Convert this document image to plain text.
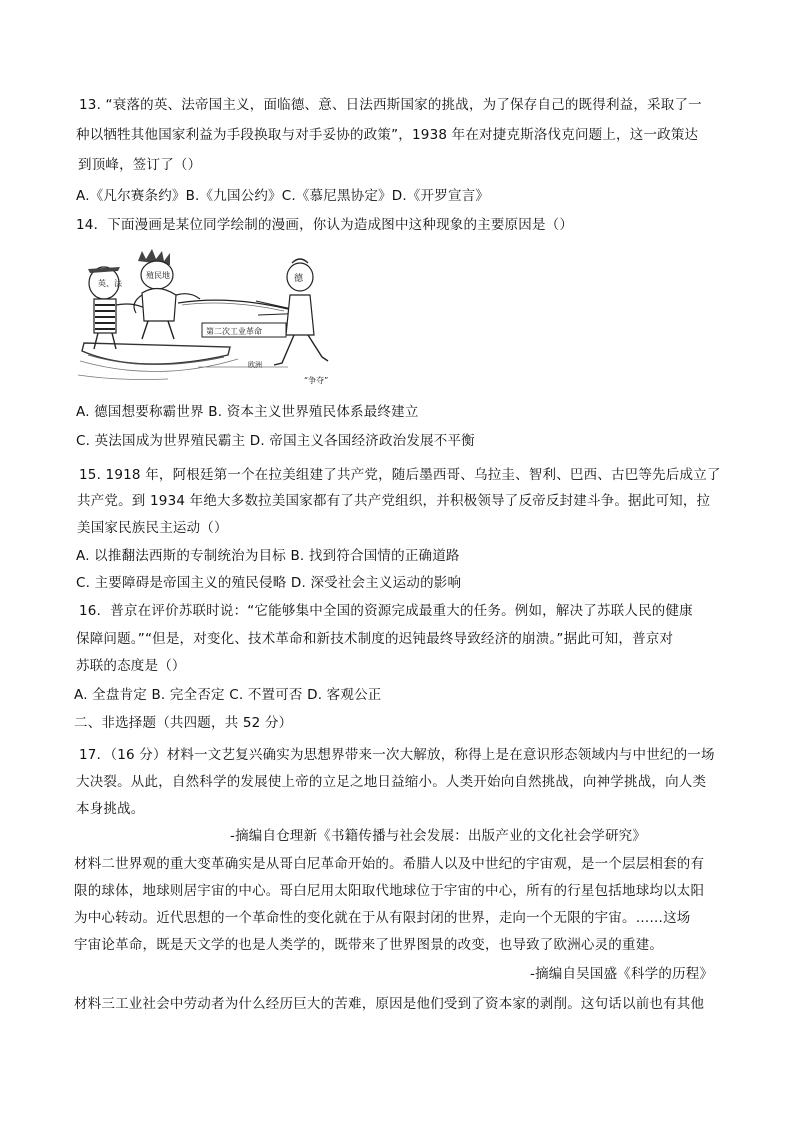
13. “衰落的英、法帝国主义，面临德、意、日法西斯国家的挑战，为了保存自己的既得利益，采取了一
种以牺牲其他国家利益为手段换取与对手妥协的政策”，1938 年在对捷克斯洛伐克问题上，这一政策达
到顶峰，签订了（）
A.《凡尔赛条约》B.《九国公约》C.《慕尼黑协定》D.《开罗宣言》
14．下面漫画是某位同学绘制的漫画，你认为造成图中这种现象的主要原因是（）
英、法
殖民地	德
第二次工业革命
欧洲
“争夺”
A. 德国想要称霸世界 B. 资本主义世界殖民体系最终建立
C. 英法国成为世界殖民霸主 D. 帝国主义各国经济政治发展不平衡
15. 1918 年，阿根廷第一个在拉美组建了共产党，随后墨西哥、乌拉圭、智利、巴西、古巴等先后成立了
共产党。到 1934 年绝大多数拉美国家都有了共产党组织，并积极领导了反帝反封建斗争。据此可知，拉
美国家民族民主运动（）
A. 以推翻法西斯的专制统治为目标 B. 找到符合国情的正确道路
C. 主要障碍是帝国主义的殖民侵略 D. 深受社会主义运动的影响
16．普京在评价苏联时说：“它能够集中全国的资源完成最重大的任务。例如，解决了苏联人民的健康
保障问题。”“但是，对变化、技术革命和新技术制度的迟钝最终导致经济的崩溃。”据此可知，普京对
苏联的态度是（）
A. 全盘肯定 B. 完全否定 C. 不置可否 D. 客观公正
二、非选择题（共四题，共 52 分）
17．（16 分）材料一文艺复兴确实为思想界带来一次大解放，称得上是在意识形态领域内与中世纪的一场
大决裂。从此，自然科学的发展使上帝的立足之地日益缩小。人类开始向自然挑战，向神学挑战，向人类
本身挑战。
-摘编自仓理新《书籍传播与社会发展：出版产业的文化社会学研究》
材料二世界观的重大变革确实是从哥白尼革命开始的。希腊人以及中世纪的宇宙观，是一个层层相套的有
限的球体，地球则居宇宙的中心。哥白尼用太阳取代地球位于宇宙的中心，所有的行星包括地球均以太阳
为中心转动。近代思想的一个革命性的变化就在于从有限封闭的世界，走向一个无限的宇宙。……这场
宇宙论革命，既是天文学的也是人类学的，既带来了世界图景的改变，也导致了欧洲心灵的重建。
-摘编自吴国盛《科学的历程》
材料三工业社会中劳动者为什么经历巨大的苦难，原因是他们受到了资本家的剥削。这句话以前也有其他
